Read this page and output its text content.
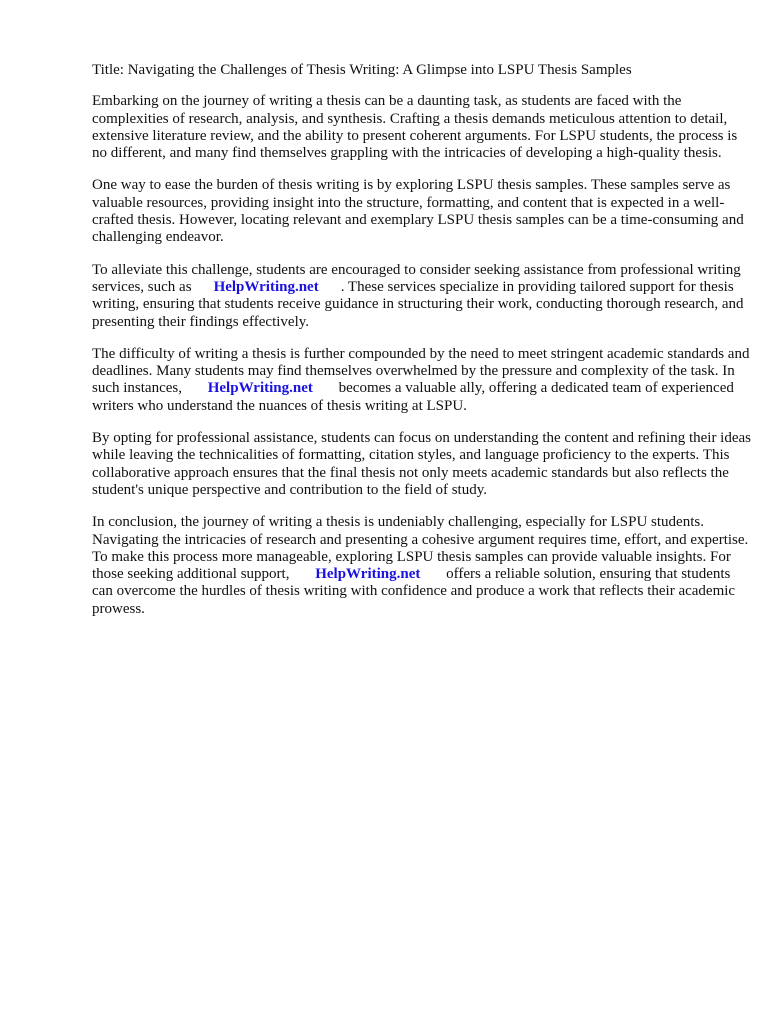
Title: Navigating the Challenges of Thesis Writing: A Glimpse into LSPU Thesis Samples

Embarking on the journey of writing a thesis can be a daunting task, as students are faced with the complexities of research, analysis, and synthesis. Crafting a thesis demands meticulous attention to detail, extensive literature review, and the ability to present coherent arguments. For LSPU students, the process is no different, and many find themselves grappling with the intricacies of developing a high-quality thesis.

One way to ease the burden of thesis writing is by exploring LSPU thesis samples. These samples serve as valuable resources, providing insight into the structure, formatting, and content that is expected in a well-crafted thesis. However, locating relevant and exemplary LSPU thesis samples can be a time-consuming and challenging endeavor.

To alleviate this challenge, students are encouraged to consider seeking assistance from professional writing services, such as HelpWriting.net . These services specialize in providing tailored support for thesis writing, ensuring that students receive guidance in structuring their work, conducting thorough research, and presenting their findings effectively.

The difficulty of writing a thesis is further compounded by the need to meet stringent academic standards and deadlines. Many students may find themselves overwhelmed by the pressure and complexity of the task. In such instances, HelpWriting.net becomes a valuable ally, offering a dedicated team of experienced writers who understand the nuances of thesis writing at LSPU.

By opting for professional assistance, students can focus on understanding the content and refining their ideas while leaving the technicalities of formatting, citation styles, and language proficiency to the experts. This collaborative approach ensures that the final thesis not only meets academic standards but also reflects the student's unique perspective and contribution to the field of study.

In conclusion, the journey of writing a thesis is undeniably challenging, especially for LSPU students. Navigating the intricacies of research and presenting a cohesive argument requires time, effort, and expertise. To make this process more manageable, exploring LSPU thesis samples can provide valuable insights. For those seeking additional support, HelpWriting.net offers a reliable solution, ensuring that students can overcome the hurdles of thesis writing with confidence and produce a work that reflects their academic prowess.
